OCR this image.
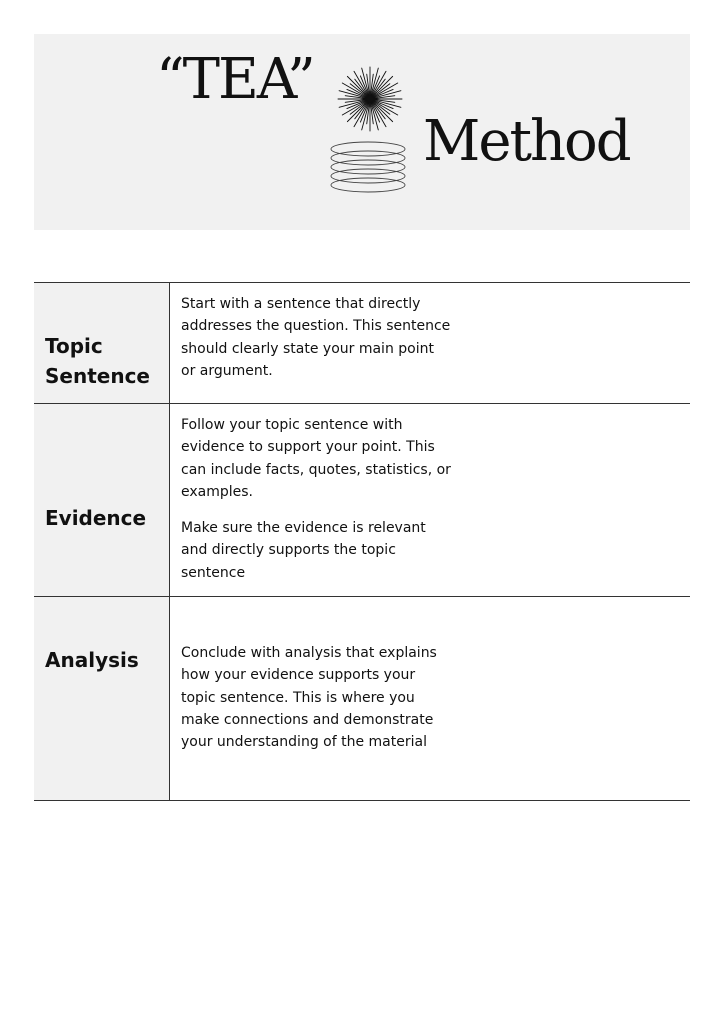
“TEA”
Method
Topic Sentence

Start with a sentence that directly addresses the question. This sentence should clearly state your main point or argument.

Evidence

Follow your topic sentence with evidence to support your point. This can include facts, quotes, statistics, or examples.

Make sure the evidence is relevant and directly supports the topic sentence

Analysis	Conclude with analysis that explains how your evidence supports your topic sentence. This is where you make connections and demonstrate your understanding of the material
